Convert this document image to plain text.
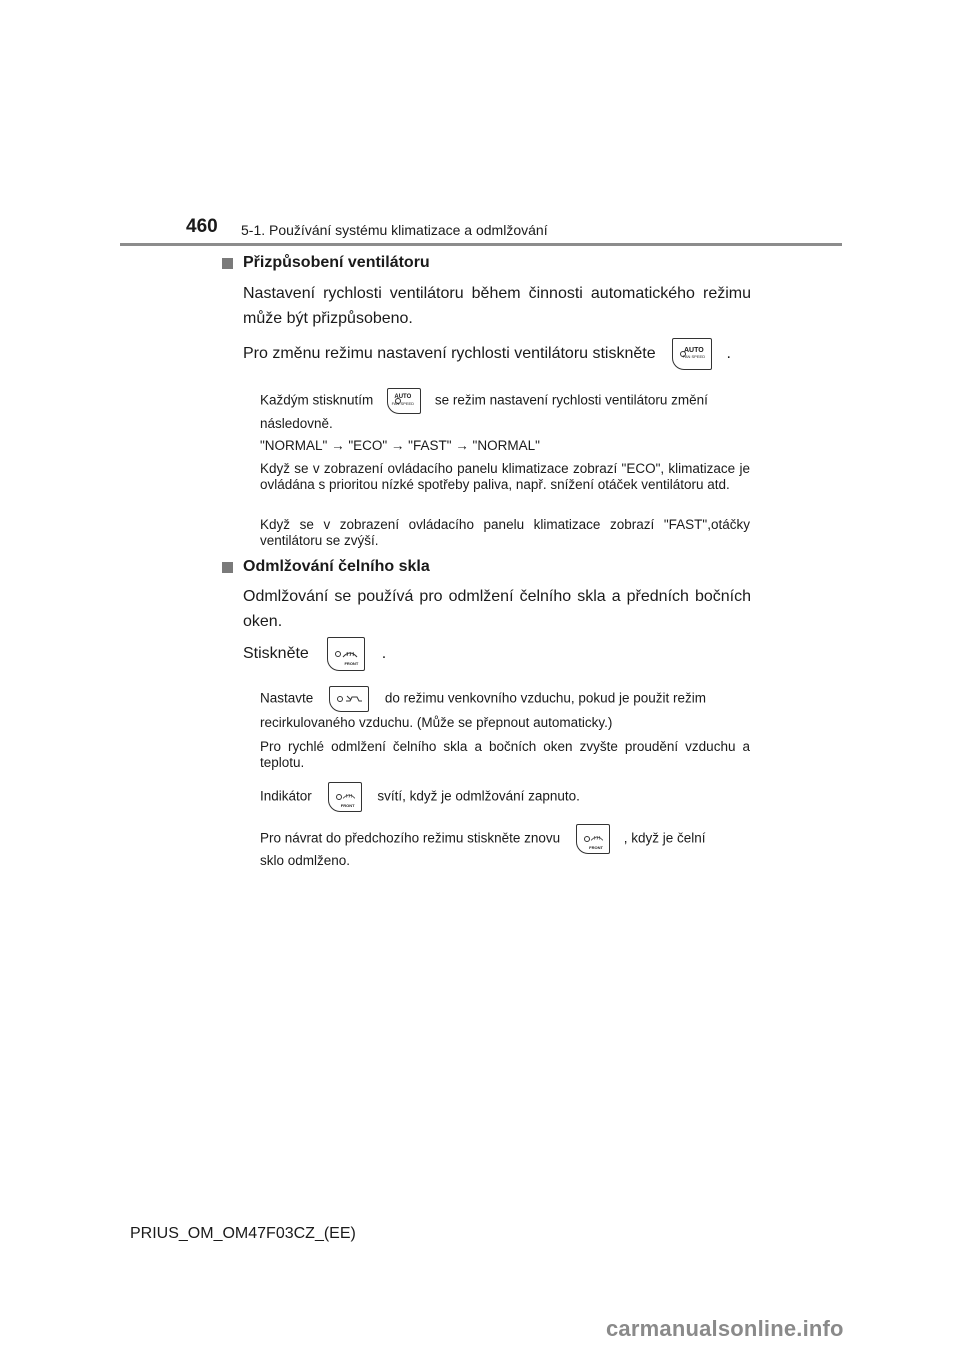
460 5-1. Používání systému klimatizace a odmlžování
Přizpůsobení ventilátoru
Nastavení rychlosti ventilátoru během činnosti automatického režimu může být přizpůsobeno.
Pro změnu režimu nastavení rychlosti ventilátoru stiskněte	AUTO
FAN SPEED .
Každým stisknutím	AUTO
FAN SPEED se režim nastavení rychlosti ventilátoru změní
následovně.
"NORMAL" → "ECO" → "FAST" → "NORMAL"
Když se v zobrazení ovládacího panelu klimatizace zobrazí "ECO", klimatizace je ovládána s prioritou nízké spotřeby paliva, např. snížení otáček ventilátoru atd.
Když se v zobrazení ovládacího panelu klimatizace zobrazí "FAST",otáčky ventilátoru se zvýší.
Odmlžování čelního skla
Odmlžování se používá pro odmlžení čelního skla a předních bočních oken.
Stiskněte
FRONT
.
Nastavte	do režimu venkovního vzduchu, pokud je použit režim
recirkulovaného vzduchu. (Může se přepnout automaticky.)
Pro rychlé odmlžení čelního skla a bočních oken zvyšte proudění vzduchu a teplotu.
Indikátor
FRONT
svítí, když je odmlžování zapnuto.
Pro návrat do předchozího režimu stiskněte znovu
FRONT
, když je čelní
sklo odmlženo.
PRIUS_OM_OM47F03CZ_(EE)
carmanualsonline.info
